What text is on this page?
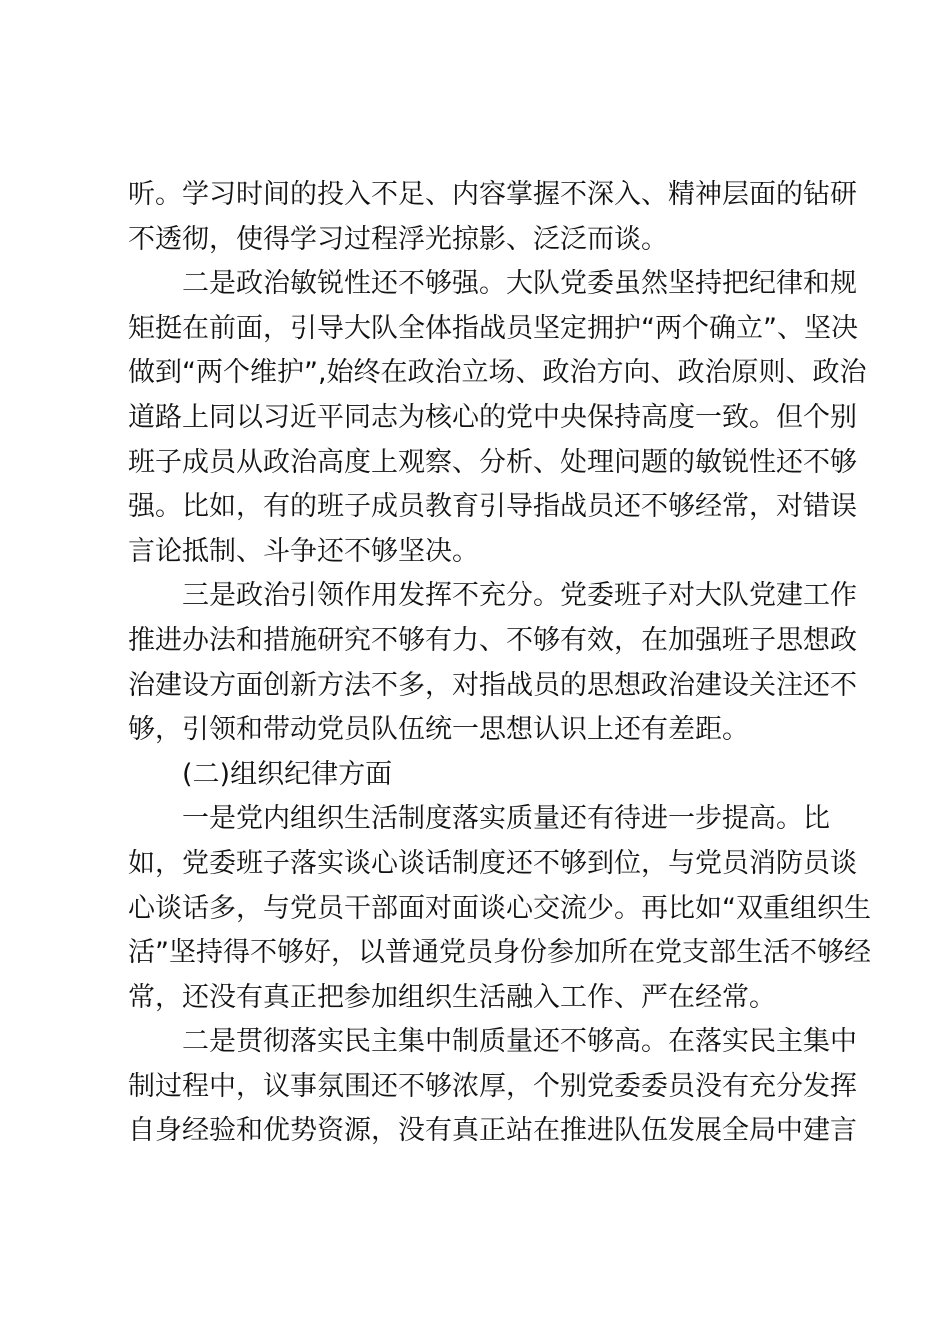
听。学习时间的投入不足、内容掌握不深入、精神层面的钻研
不透彻，使得学习过程浮光掠影、泛泛而谈。
二是政治敏锐性还不够强。大队党委虽然坚持把纪律和规
矩挺在前面，引导大队全体指战员坚定拥护“两个确立”、坚决
做到“两个维护”,始终在政治立场、政治方向、政治原则、政治
道路上同以习近平同志为核心的党中央保持高度一致。但个别
班子成员从政治高度上观察、分析、处理问题的敏锐性还不够
强。比如，有的班子成员教育引导指战员还不够经常，对错误
言论抵制、斗争还不够坚决。
三是政治引领作用发挥不充分。党委班子对大队党建工作
推进办法和措施研究不够有力、不够有效，在加强班子思想政
治建设方面创新方法不多，对指战员的思想政治建设关注还不
够，引领和带动党员队伍统一思想认识上还有差距。
(二)组织纪律方面
一是党内组织生活制度落实质量还有待进一步提高。比
如，党委班子落实谈心谈话制度还不够到位，与党员消防员谈
心谈话多，与党员干部面对面谈心交流少。再比如“双重组织生
活”坚持得不够好，以普通党员身份参加所在党支部生活不够经
常，还没有真正把参加组织生活融入工作、严在经常。
二是贯彻落实民主集中制质量还不够高。在落实民主集中
制过程中，议事氛围还不够浓厚，个别党委委员没有充分发挥
自身经验和优势资源，没有真正站在推进队伍发展全局中建言
